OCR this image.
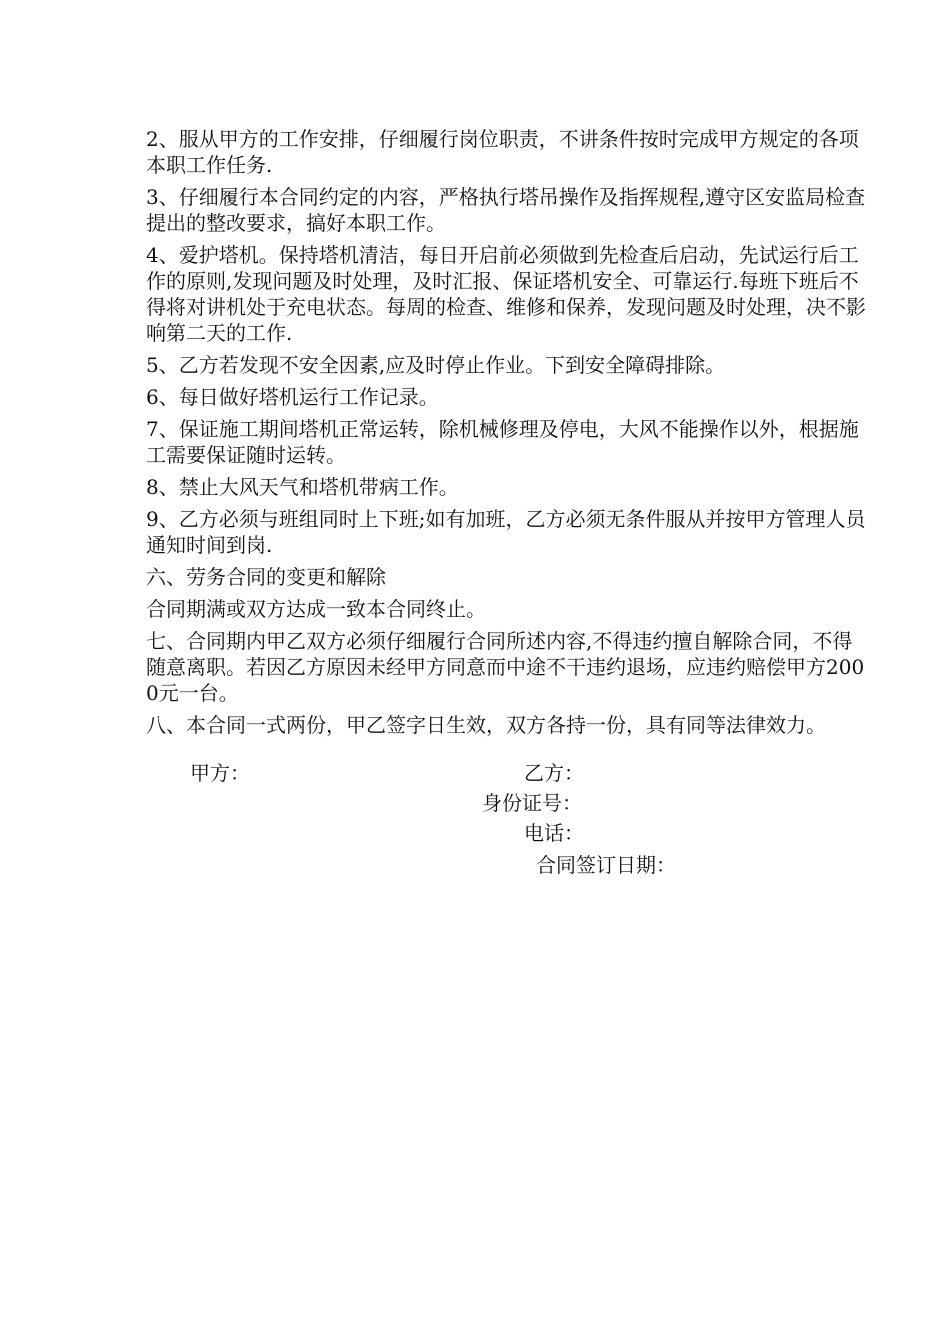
2、服从甲方的工作安排，仔细履行岗位职责，不讲条件按时完成甲方规定的各项本职工作任务.

3、仔细履行本合同约定的内容，严格执行塔吊操作及指挥规程,遵守区安监局检查提出的整改要求，搞好本职工作。

4、爱护塔机。保持塔机清洁，每日开启前必须做到先检查后启动，先试运行后工作的原则,发现问题及时处理，及时汇报、保证塔机安全、可靠运行.每班下班后不得将对讲机处于充电状态。每周的检查、维修和保养，发现问题及时处理，决不影响第二天的工作.

5、乙方若发现不安全因素,应及时停止作业。下到安全障碍排除。

6、每日做好塔机运行工作记录。

7、保证施工期间塔机正常运转，除机械修理及停电，大风不能操作以外，根据施工需要保证随时运转。

8、禁止大风天气和塔机带病工作。

9、乙方必须与班组同时上下班;如有加班，乙方必须无条件服从并按甲方管理人员通知时间到岗.

六、劳务合同的变更和解除

合同期满或双方达成一致本合同终止。

七、合同期内甲乙双方必须仔细履行合同所述内容,不得违约擅自解除合同，不得随意离职。若因乙方原因未经甲方同意而中途不干违约退场，应违约赔偿甲方2000元一台。

八、本合同一式两份，甲乙签字日生效，双方各持一份，具有同等法律效力。

甲方：	乙方：
身份证号：
电话：
合同签订日期：
